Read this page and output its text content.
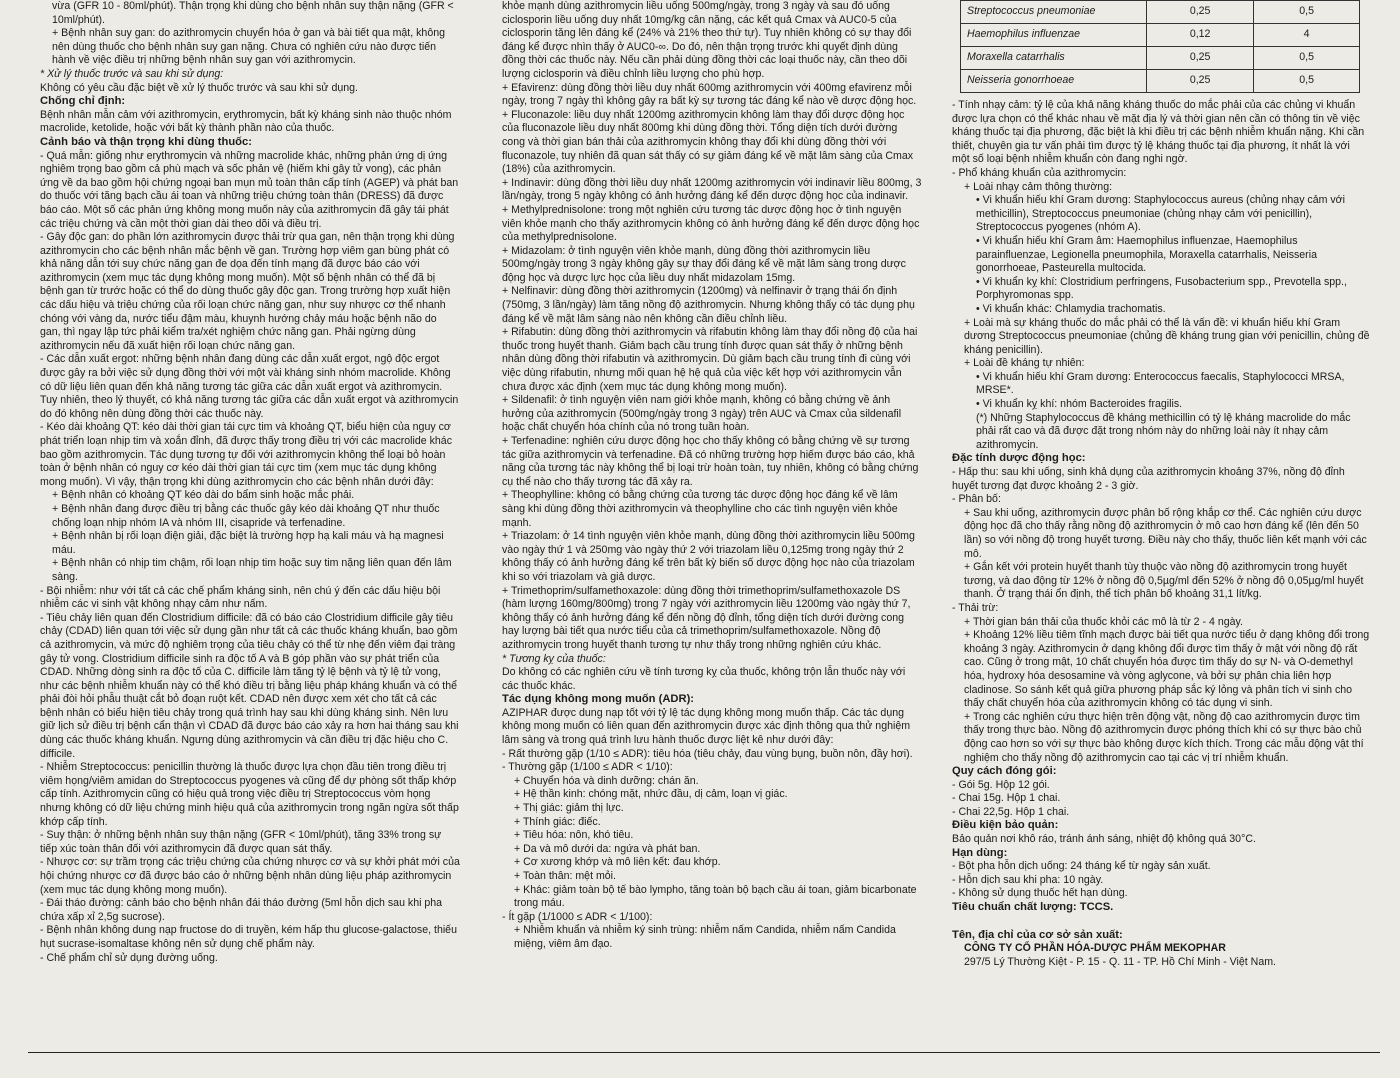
vừa (GFR 10 - 80ml/phút). Thận trọng khi dùng cho bệnh nhân suy thận nặng (GFR < 10ml/phút).

+ Bệnh nhân suy gan: do azithromycin chuyển hóa ở gan và bài tiết qua mật, không nên dùng thuốc cho bệnh nhân suy gan nặng. Chưa có nghiên cứu nào được tiến hành về việc điều trị những bệnh nhân suy gan với azithromycin.

* Xử lý thuốc trước và sau khi sử dụng:

Không có yêu cầu đặc biệt về xử lý thuốc trước và sau khi sử dụng.

Chống chỉ định:

Bệnh nhân mẫn cảm với azithromycin, erythromycin, bất kỳ kháng sinh nào thuộc nhóm macrolide, ketolide, hoặc với bất kỳ thành phần nào của thuốc.

Cảnh báo và thận trọng khi dùng thuốc:

- Quá mẫn: giống như erythromycin và những macrolide khác, những phản ứng dị ứng nghiêm trọng bao gồm cả phù mạch và sốc phản vệ (hiếm khi gây tử vong), các phản ứng về da bao gồm hội chứng ngoại ban mụn mủ toàn thân cấp tính (AGEP) và phát ban do thuốc với tăng bạch cầu ái toan và những triệu chứng toàn thân (DRESS) đã được báo cáo. Một số các phản ứng không mong muốn này của azithromycin đã gây tái phát các triệu chứng và cần một thời gian dài theo dõi và điều trị.

- Gây độc gan: do phần lớn azithromycin được thải trừ qua gan, nên thận trọng khi dùng azithromycin cho các bệnh nhân mắc bệnh về gan. Trường hợp viêm gan bùng phát có khả năng dẫn tới suy chức năng gan đe dọa đến tính mạng đã được báo cáo với azithromycin (xem mục tác dụng không mong muốn). Một số bệnh nhân có thể đã bị bệnh gan từ trước hoặc có thể do dùng thuốc gây độc gan. Trong trường hợp xuất hiện các dấu hiệu và triệu chứng của rối loạn chức năng gan, như suy nhược cơ thể nhanh chóng với vàng da, nước tiểu đậm màu, khuynh hướng chảy máu hoặc bệnh não do gan, thì ngay lập tức phải kiểm tra/xét nghiệm chức năng gan. Phải ngừng dùng azithromycin nếu đã xuất hiện rối loạn chức năng gan.

- Các dẫn xuất ergot: những bệnh nhân đang dùng các dẫn xuất ergot, ngộ độc ergot được gây ra bởi việc sử dụng đồng thời với một vài kháng sinh nhóm macrolide. Không có dữ liệu liên quan đến khả năng tương tác giữa các dẫn xuất ergot và azithromycin. Tuy nhiên, theo lý thuyết, có khả năng tương tác giữa các dẫn xuất ergot và azithromycin do đó không nên dùng đồng thời các thuốc này.

- Kéo dài khoảng QT: kéo dài thời gian tái cực tim và khoảng QT, biểu hiện của nguy cơ phát triển loạn nhịp tim và xoắn đỉnh, đã được thấy trong điều trị với các macrolide khác bao gồm azithromycin. Tác dụng tương tự đối với azithromycin không thể loại bỏ hoàn toàn ở bệnh nhân có nguy cơ kéo dài thời gian tái cực tim (xem mục tác dụng không mong muốn). Vì vậy, thận trọng khi dùng azithromycin cho các bệnh nhân dưới đây:

+ Bệnh nhân có khoảng QT kéo dài do bẩm sinh hoặc mắc phải.

+ Bệnh nhân đang được điều trị bằng các thuốc gây kéo dài khoảng QT như thuốc chống loạn nhịp nhóm IA và nhóm III, cisapride và terfenadine.

+ Bệnh nhân bị rối loạn điện giải, đặc biệt là trường hợp hạ kali máu và hạ magnesi máu.

+ Bệnh nhân có nhịp tim chậm, rối loạn nhịp tim hoặc suy tim nặng liên quan đến lâm sàng.

- Bội nhiễm: như với tất cả các chế phẩm kháng sinh, nên chú ý đến các dấu hiệu bội nhiễm các vi sinh vật không nhạy cảm như nấm.

- Tiêu chảy liên quan đến Clostridium difficile: đã có báo cáo Clostridium difficile gây tiêu chảy (CDAD) liên quan tới việc sử dụng gần như tất cả các thuốc kháng khuẩn, bao gồm cả azithromycin, và mức độ nghiêm trọng của tiêu chảy có thể từ nhẹ đến viêm đại tràng gây tử vong. Clostridium difficile sinh ra độc tố A và B góp phần vào sự phát triển của CDAD. Những dòng sinh ra độc tố của C. difficile làm tăng tỷ lệ bệnh và tỷ lệ tử vong, như các bệnh nhiễm khuẩn này có thể khó điều trị bằng liệu pháp kháng khuẩn và có thể phải đòi hỏi phẫu thuật cắt bỏ đoạn ruột kết. CDAD nên được xem xét cho tất cả các bệnh nhân có biểu hiện tiêu chảy trong quá trình hay sau khi dùng kháng sinh. Nên lưu giữ lịch sử điều trị bệnh cẩn thận vì CDAD đã được báo cáo xảy ra hơn hai tháng sau khi dùng các thuốc kháng khuẩn. Ngưng dùng azithromycin và cần điều trị đặc hiệu cho C. difficile.

- Nhiễm Streptococcus: penicillin thường là thuốc được lựa chọn đầu tiên trong điều trị viêm họng/viêm amidan do Streptococcus pyogenes và cũng để dự phòng sốt thấp khớp cấp tính. Azithromycin cũng có hiệu quả trong việc điều trị Streptococcus vòm họng nhưng không có dữ liệu chứng minh hiệu quả của azithromycin trong ngăn ngừa sốt thấp khớp cấp tính.

- Suy thận: ở những bệnh nhân suy thận nặng (GFR < 10ml/phút), tăng 33% trong sự tiếp xúc toàn thân đối với azithromycin đã được quan sát thấy.

- Nhược cơ: sự trầm trọng các triệu chứng của chứng nhược cơ và sự khởi phát mới của hội chứng nhược cơ đã được báo cáo ở những bệnh nhân dùng liệu pháp azithromycin (xem mục tác dụng không mong muốn).

- Đái tháo đường: cảnh báo cho bệnh nhân đái tháo đường (5ml hỗn dịch sau khi pha chứa xấp xỉ 2,5g sucrose).

- Bệnh nhân không dung nạp fructose do di truyền, kém hấp thu glucose-galactose, thiếu hụt sucrase-isomaltase không nên sử dụng chế phẩm này.

- Chế phẩm chỉ sử dụng đường uống.

khỏe mạnh dùng azithromycin liều uống 500mg/ngày, trong 3 ngày và sau đó uống ciclosporin liều uống duy nhất 10mg/kg cân nặng, các kết quả Cmax và AUC0-5 của ciclosporin tăng lên đáng kể (24% và 21% theo thứ tự). Tuy nhiên không có sự thay đổi đáng kể được nhìn thấy ở AUC0-∞. Do đó, nên thận trọng trước khi quyết định dùng đồng thời các thuốc này. Nếu cần phải dùng đồng thời các loại thuốc này, cần theo dõi lượng ciclosporin và điều chỉnh liều lượng cho phù hợp.

+ Efavirenz: dùng đồng thời liều duy nhất 600mg azithromycin với 400mg efavirenz mỗi ngày, trong 7 ngày thì không gây ra bất kỳ sự tương tác đáng kể nào về dược động học.

+ Fluconazole: liều duy nhất 1200mg azithromycin không làm thay đổi dược động học của fluconazole liều duy nhất 800mg khi dùng đồng thời. Tổng diện tích dưới đường cong và thời gian bán thải của azithromycin không thay đổi khi dùng đồng thời với fluconazole, tuy nhiên đã quan sát thấy có sự giảm đáng kể về mặt lâm sàng của Cmax (18%) của azithromycin.

+ Indinavir: dùng đồng thời liều duy nhất 1200mg azithromycin với indinavir liều 800mg, 3 lần/ngày, trong 5 ngày không có ảnh hưởng đáng kể đến dược động học của indinavir.

+ Methylprednisolone: trong một nghiên cứu tương tác dược động học ở tình nguyện viên khỏe mạnh cho thấy azithromycin không có ảnh hưởng đáng kể đến dược động học của methylprednisolone.

+ Midazolam: ở tình nguyện viên khỏe mạnh, dùng đồng thời azithromycin liều 500mg/ngày trong 3 ngày không gây sự thay đổi đáng kể về mặt lâm sàng trong dược động học và dược lực học của liều duy nhất midazolam 15mg.

+ Nelfinavir: dùng đồng thời azithromycin (1200mg) và nelfinavir ở trạng thái ổn định (750mg, 3 lần/ngày) làm tăng nồng độ azithromycin. Nhưng không thấy có tác dụng phụ đáng kể về mặt lâm sàng nào nên không cần điều chỉnh liều.

+ Rifabutin: dùng đồng thời azithromycin và rifabutin không làm thay đổi nồng độ của hai thuốc trong huyết thanh. Giảm bạch cầu trung tính được quan sát thấy ở những bệnh nhân dùng đồng thời rifabutin và azithromycin. Dù giảm bạch cầu trung tính đi cùng với việc dùng rifabutin, nhưng mối quan hệ hệ quả của việc kết hợp với azithromycin vẫn chưa được xác định (xem mục tác dụng không mong muốn).

+ Sildenafil: ở tình nguyện viên nam giới khỏe mạnh, không có bằng chứng về ảnh hưởng của azithromycin (500mg/ngày trong 3 ngày) trên AUC và Cmax của sildenafil hoặc chất chuyển hóa chính của nó trong tuần hoàn.

+ Terfenadine: nghiên cứu dược động học cho thấy không có bằng chứng về sự tương tác giữa azithromycin và terfenadine. Đã có những trường hợp hiếm được báo cáo, khả năng của tương tác này không thể bị loại trừ hoàn toàn, tuy nhiên, không có bằng chứng cụ thể nào cho thấy tương tác đã xảy ra.

+ Theophylline: không có bằng chứng của tương tác dược động học đáng kể về lâm sàng khi dùng đồng thời azithromycin và theophylline cho các tình nguyện viên khỏe mạnh.

+ Triazolam: ở 14 tình nguyện viên khỏe mạnh, dùng đồng thời azithromycin liều 500mg vào ngày thứ 1 và 250mg vào ngày thứ 2 với triazolam liều 0,125mg trong ngày thứ 2 không thấy có ảnh hưởng đáng kể trên bất kỳ biến số dược động học nào của triazolam khi so với triazolam và giả dược.

+ Trimethoprim/sulfamethoxazole: dùng đồng thời trimethoprim/sulfamethoxazole DS (hàm lượng 160mg/800mg) trong 7 ngày với azithromycin liều 1200mg vào ngày thứ 7, không thấy có ảnh hưởng đáng kể đến nồng độ đỉnh, tổng diện tích dưới đường cong hay lượng bài tiết qua nước tiểu của cả trimethoprim/sulfamethoxazole. Nồng độ azithromycin trong huyết thanh tương tự như thấy trong những nghiên cứu khác.

* Tương kỵ của thuốc:

Do không có các nghiên cứu về tính tương kỵ của thuốc, không trộn lẫn thuốc này với các thuốc khác.

Tác dụng không mong muốn (ADR):

AZIPHAR được dung nạp tốt với tỷ lệ tác dụng không mong muốn thấp. Các tác dụng không mong muốn có liên quan đến azithromycin được xác định thông qua thử nghiệm lâm sàng và trong quá trình lưu hành thuốc được liệt kê như dưới đây:

- Rất thường gặp (1/10 ≤ ADR): tiêu hóa (tiêu chảy, đau vùng bụng, buồn nôn, đầy hơi).

- Thường gặp (1/100 ≤ ADR < 1/10):

+ Chuyển hóa và dinh dưỡng: chán ăn.

+ Hệ thần kinh: chóng mặt, nhức đầu, dị cảm, loạn vị giác.

+ Thị giác: giảm thị lực.

+ Thính giác: điếc.

+ Tiêu hóa: nôn, khó tiêu.

+ Da và mô dưới da: ngứa và phát ban.

+ Cơ xương khớp và mô liên kết: đau khớp.

+ Toàn thân: mệt mỏi.

+ Khác: giảm toàn bộ tế bào lympho, tăng toàn bộ bạch cầu ái toan, giảm bicarbonate trong máu.

- Ít gặp (1/1000 ≤ ADR < 1/100):

+ Nhiễm khuẩn và nhiễm ký sinh trùng: nhiễm nấm Candida, nhiễm nấm Candida miệng, viêm âm đạo.

Streptococcus pneumoniae	0,25	0,5
Haemophilus influenzae	0,12	4
Moraxella catarrhalis	0,25	0,5
Neisseria gonorrhoeae	0,25	0,5

- Tính nhạy cảm: tỷ lệ của khả năng kháng thuốc do mắc phải của các chủng vi khuẩn được lựa chọn có thể khác nhau về mặt địa lý và thời gian nên cần có thông tin về việc kháng thuốc tại địa phương, đặc biệt là khi điều trị các bệnh nhiễm khuẩn nặng. Khi cần thiết, chuyên gia tư vấn phải tìm được tỷ lệ kháng thuốc tại địa phương, ít nhất là với một số loại bệnh nhiễm khuẩn còn đang nghi ngờ.

- Phổ kháng khuẩn của azithromycin:

+ Loài nhạy cảm thông thường:

• Vi khuẩn hiếu khí Gram dương: Staphylococcus aureus (chủng nhạy cảm với methicillin), Streptococcus pneumoniae (chủng nhạy cảm với penicillin), Streptococcus pyogenes (nhóm A).

• Vi khuẩn hiếu khí Gram âm: Haemophilus influenzae, Haemophilus parainfluenzae, Legionella pneumophila, Moraxella catarrhalis, Neisseria gonorrhoeae, Pasteurella multocida.

• Vi khuẩn kỵ khí: Clostridium perfringens, Fusobacterium spp., Prevotella spp., Porphyromonas spp.

• Vi khuẩn khác: Chlamydia trachomatis.

+ Loài mà sự kháng thuốc do mắc phải có thể là vấn đề: vi khuẩn hiếu khí Gram dương Streptococcus pneumoniae (chủng đề kháng trung gian với penicillin, chủng đề kháng penicillin).

+ Loài đề kháng tự nhiên:

• Vi khuẩn hiếu khí Gram dương: Enterococcus faecalis, Staphylococci MRSA, MRSE*.

• Vi khuẩn kỵ khí: nhóm Bacteroides fragilis.

(*) Những Staphylococcus đề kháng methicillin có tỷ lệ kháng macrolide do mắc phải rất cao và đã được đặt trong nhóm này do những loài này ít nhạy cảm azithromycin.

Đặc tính dược động học:

- Hấp thu: sau khi uống, sinh khả dụng của azithromycin khoảng 37%, nồng độ đỉnh huyết tương đạt được khoảng 2 - 3 giờ.

- Phân bố:

+ Sau khi uống, azithromycin được phân bố rộng khắp cơ thể. Các nghiên cứu dược động học đã cho thấy rằng nồng độ azithromycin ở mô cao hơn đáng kể (lên đến 50 lần) so với nồng độ trong huyết tương. Điều này cho thấy, thuốc liên kết mạnh với các mô.

+ Gắn kết với protein huyết thanh tùy thuộc vào nồng độ azithromycin trong huyết tương, và dao động từ 12% ở nồng độ 0,5µg/ml đến 52% ở nồng độ 0,05µg/ml huyết thanh. Ở trạng thái ổn định, thể tích phân bố khoảng 31,1 lít/kg.

- Thải trừ:

+ Thời gian bán thải của thuốc khỏi các mô là từ 2 - 4 ngày.

+ Khoảng 12% liều tiêm tĩnh mạch được bài tiết qua nước tiểu ở dạng không đổi trong khoảng 3 ngày. Azithromycin ở dạng không đổi được tìm thấy ở mật với nồng độ rất cao. Cũng ở trong mật, 10 chất chuyển hóa được tìm thấy do sự N- và O-demethyl hóa, hydroxy hóa desosamine và vòng aglycone, và bởi sự phân chia liên hợp cladinose. So sánh kết quả giữa phương pháp sắc ký lỏng và phân tích vi sinh cho thấy chất chuyển hóa của azithromycin không có tác dụng vi sinh.

+ Trong các nghiên cứu thực hiện trên động vật, nồng độ cao azithromycin được tìm thấy trong thực bào. Nồng độ azithromycin được phóng thích khi có sự thực bào chủ động cao hơn so với sự thực bào không được kích thích. Trong các mẫu động vật thí nghiệm cho thấy nồng độ azithromycin cao tại các vị trí nhiễm khuẩn.

Quy cách đóng gói:

- Gói 5g. Hộp 12 gói.

- Chai 15g. Hộp 1 chai.

- Chai 22,5g. Hộp 1 chai.

Điều kiện bảo quản:

Bảo quản nơi khô ráo, tránh ánh sáng, nhiệt độ không quá 30°C.

Hạn dùng:

- Bột pha hỗn dịch uống: 24 tháng kể từ ngày sản xuất.

- Hỗn dịch sau khi pha: 10 ngày.

- Không sử dụng thuốc hết hạn dùng.

Tiêu chuẩn chất lượng: TCCS.

Tên, địa chỉ của cơ sở sản xuất:

CÔNG TY CỔ PHẦN HÓA-DƯỢC PHẨM MEKOPHAR

297/5 Lý Thường Kiệt - P. 15 - Q. 11 - TP. Hồ Chí Minh - Việt Nam.
